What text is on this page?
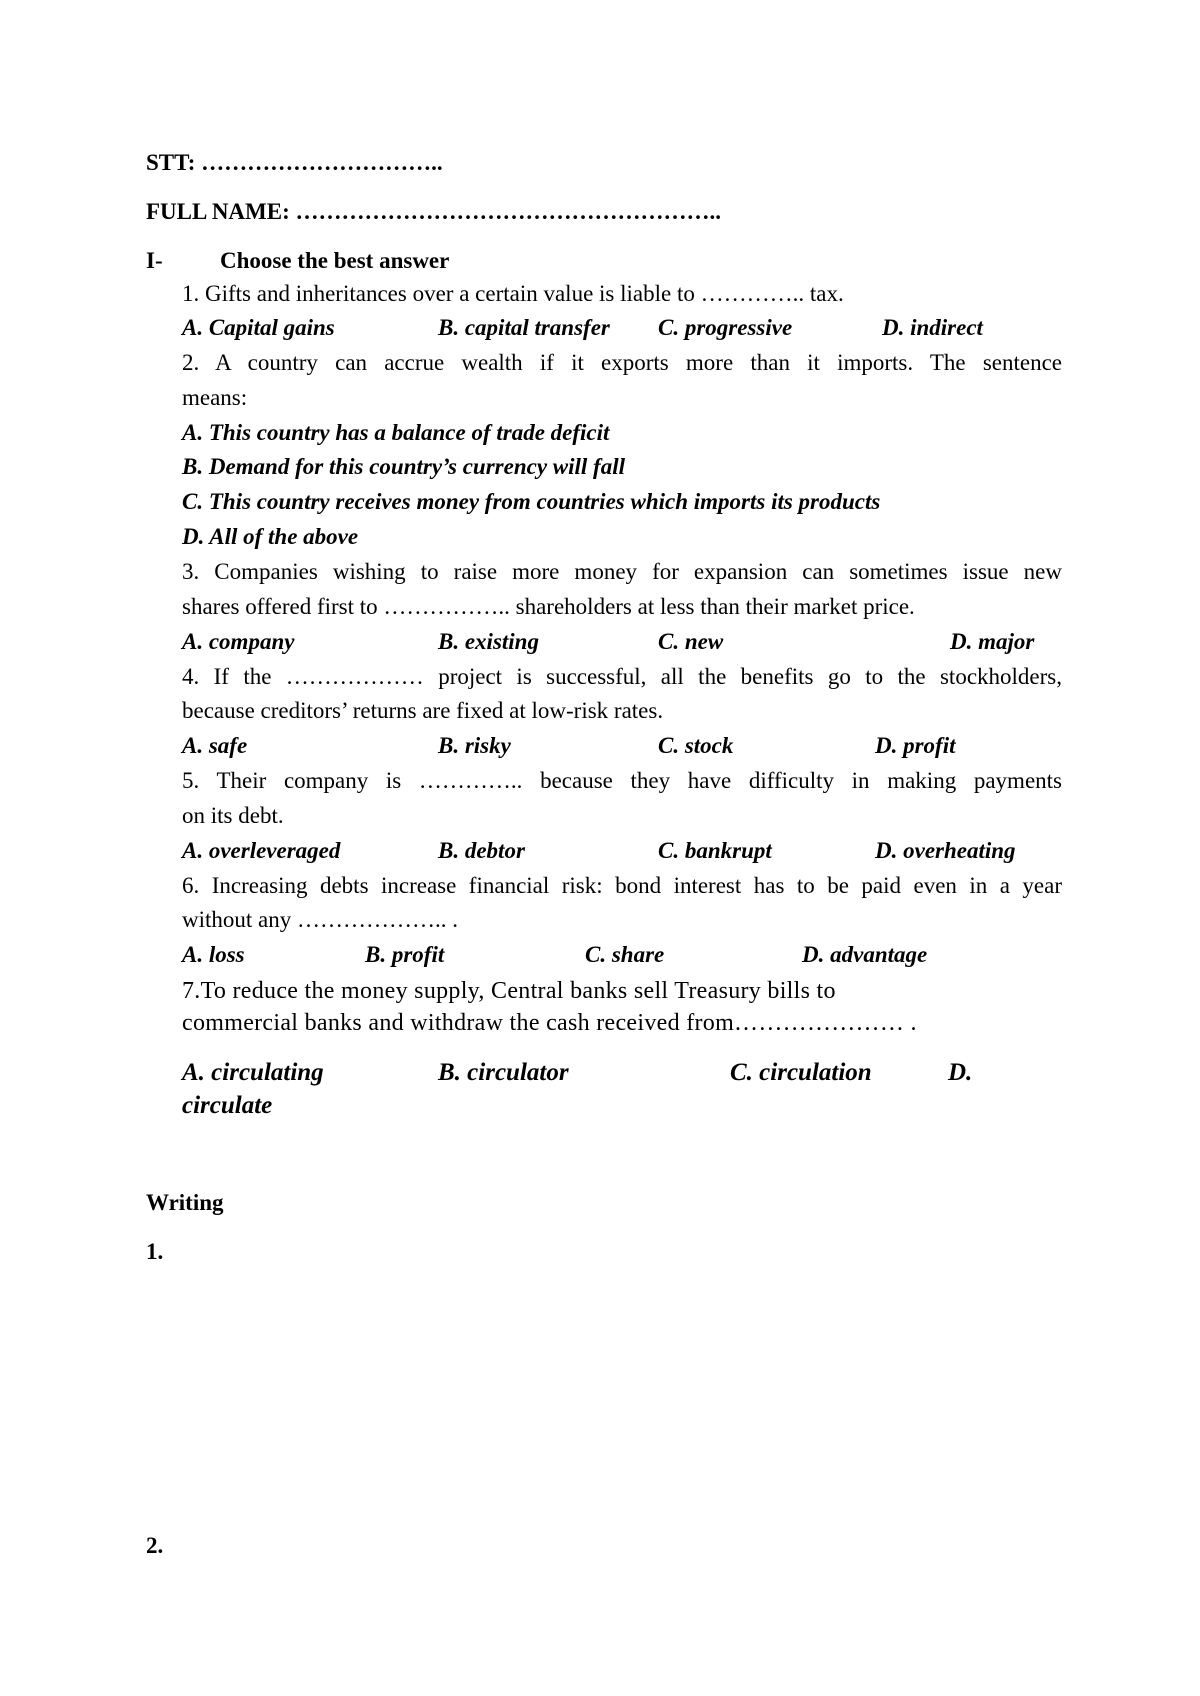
STT: …………………………..
FULL NAME: ………………………………………………..
I- Choose the best answer
1. Gifts and inheritances over a certain value is liable to ………….. tax.
A. Capital gains	B. capital transfer C. progressive	D. indirect
2. A country can accrue wealth if it exports more than it imports. The sentence
means:
A. This country has a balance of trade deficit
B. Demand for this country’s currency will fall
C. This country receives money from countries which imports its products
D. All of the above
3. Companies wishing to raise more money for expansion can sometimes issue new
shares offered first to …………….. shareholders at less than their market price.
A. company	B. existing	C. new	D. major
4. If the ……………… project is successful, all the benefits go to the stockholders,
because creditors’ returns are fixed at low-risk rates.
A. safe	B. risky	C. stock	D. profit
5. Their company is ………….. because they have difficulty in making payments
on its debt.
A. overleveraged	B. debtor	C. bankrupt	D. overheating
6. Increasing debts increase financial risk: bond interest has to be paid even in a year
without any ……………….. .
A. loss	B. profit	C. share	D. advantage
7.To reduce the money supply, Central banks sell Treasury bills to
commercial banks and withdraw the cash received from………………… .
A. circulating	B. circulator	C. circulation	D.
circulate
Writing
1.
2.
